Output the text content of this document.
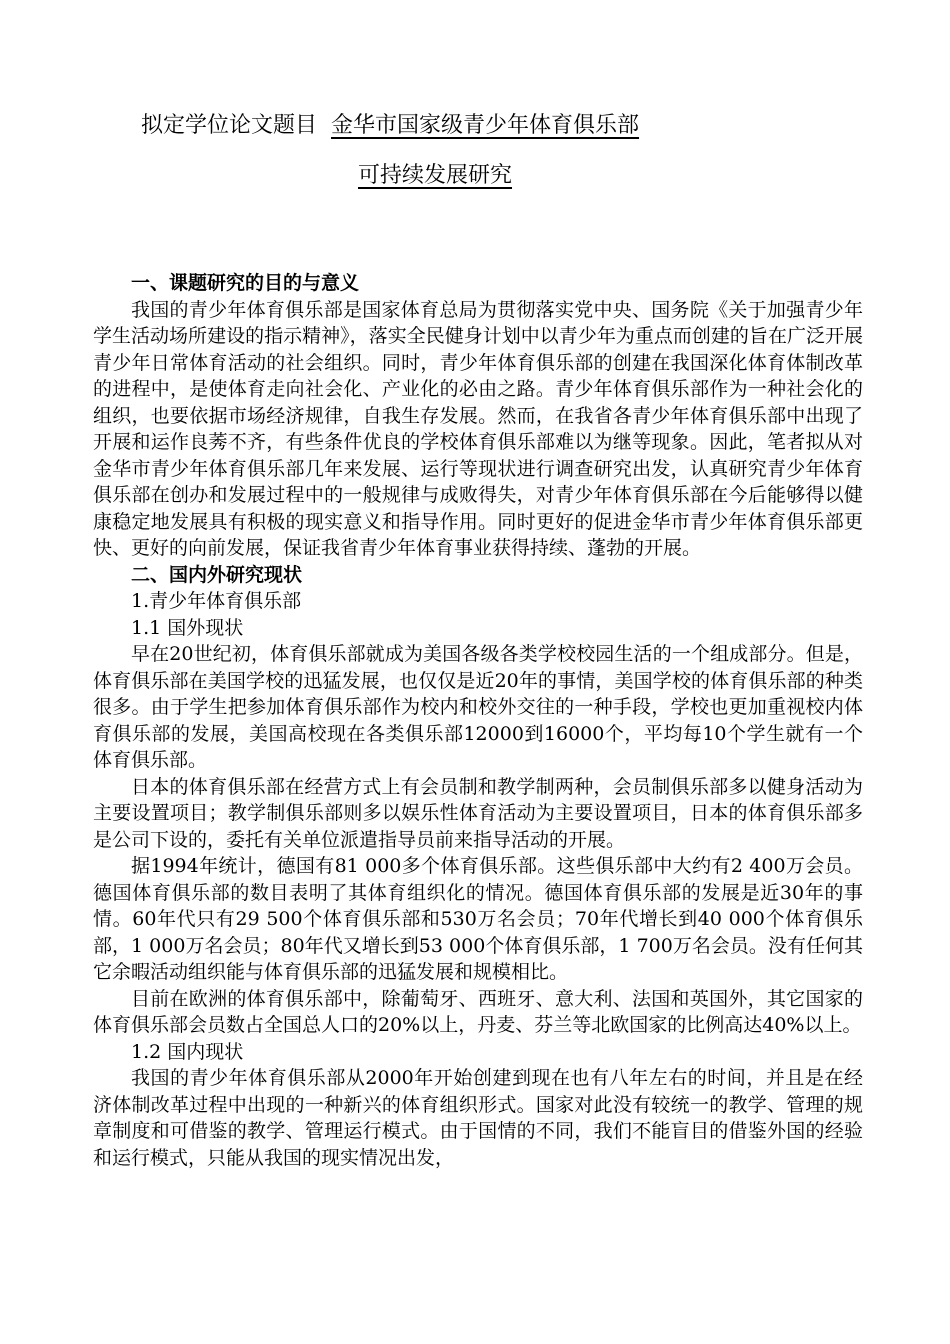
拟定学位论文题目 金华市国家级青少年体育俱乐部
可持续发展研究
一、课题研究的目的与意义

我国的青少年体育俱乐部是国家体育总局为贯彻落实党中央、国务院《关于加强青少年学生活动场所建设的指示精神》，落实全民健身计划中以青少年为重点而创建的旨在广泛开展青少年日常体育活动的社会组织。同时，青少年体育俱乐部的创建在我国深化体育体制改革的进程中，是使体育走向社会化、产业化的必由之路。青少年体育俱乐部作为一种社会化的组织，也要依据市场经济规律，自我生存发展。然而，在我省各青少年体育俱乐部中出现了开展和运作良莠不齐，有些条件优良的学校体育俱乐部难以为继等现象。因此，笔者拟从对金华市青少年体育俱乐部几年来发展、运行等现状进行调查研究出发，认真研究青少年体育俱乐部在创办和发展过程中的一般规律与成败得失，对青少年体育俱乐部在今后能够得以健康稳定地发展具有积极的现实意义和指导作用。同时更好的促进金华市青少年体育俱乐部更快、更好的向前发展，保证我省青少年体育事业获得持续、蓬勃的开展。

二、国内外研究现状
1.青少年体育俱乐部
1.1 国外现状

早在20世纪初，体育俱乐部就成为美国各级各类学校校园生活的一个组成部分。但是，体育俱乐部在美国学校的迅猛发展，也仅仅是近20年的事情，美国学校的体育俱乐部的种类很多。由于学生把参加体育俱乐部作为校内和校外交往的一种手段，学校也更加重视校内体育俱乐部的发展，美国高校现在各类俱乐部12000到16000个，平均每10个学生就有一个体育俱乐部。

日本的体育俱乐部在经营方式上有会员制和教学制两种，会员制俱乐部多以健身活动为主要设置项目；教学制俱乐部则多以娱乐性体育活动为主要设置项目，日本的体育俱乐部多是公司下设的，委托有关单位派遣指导员前来指导活动的开展。

据1994年统计，德国有81 000多个体育俱乐部。这些俱乐部中大约有2 400万会员。德国体育俱乐部的数目表明了其体育组织化的情况。德国体育俱乐部的发展是近30年的事情。60年代只有29 500个体育俱乐部和530万名会员；70年代增长到40 000个体育俱乐部，1 000万名会员；80年代又增长到53 000个体育俱乐部，1 700万名会员。没有任何其它余暇活动组织能与体育俱乐部的迅猛发展和规模相比。

目前在欧洲的体育俱乐部中，除葡萄牙、西班牙、意大利、法国和英国外，其它国家的体育俱乐部会员数占全国总人口的20%以上，丹麦、芬兰等北欧国家的比例高达40%以上。

1.2 国内现状

我国的青少年体育俱乐部从2000年开始创建到现在也有八年左右的时间，并且是在经济体制改革过程中出现的一种新兴的体育组织形式。国家对此没有较统一的教学、管理的规章制度和可借鉴的教学、管理运行模式。由于国情的不同，我们不能盲目的借鉴外国的经验和运行模式，只能从我国的现实情况出发，
